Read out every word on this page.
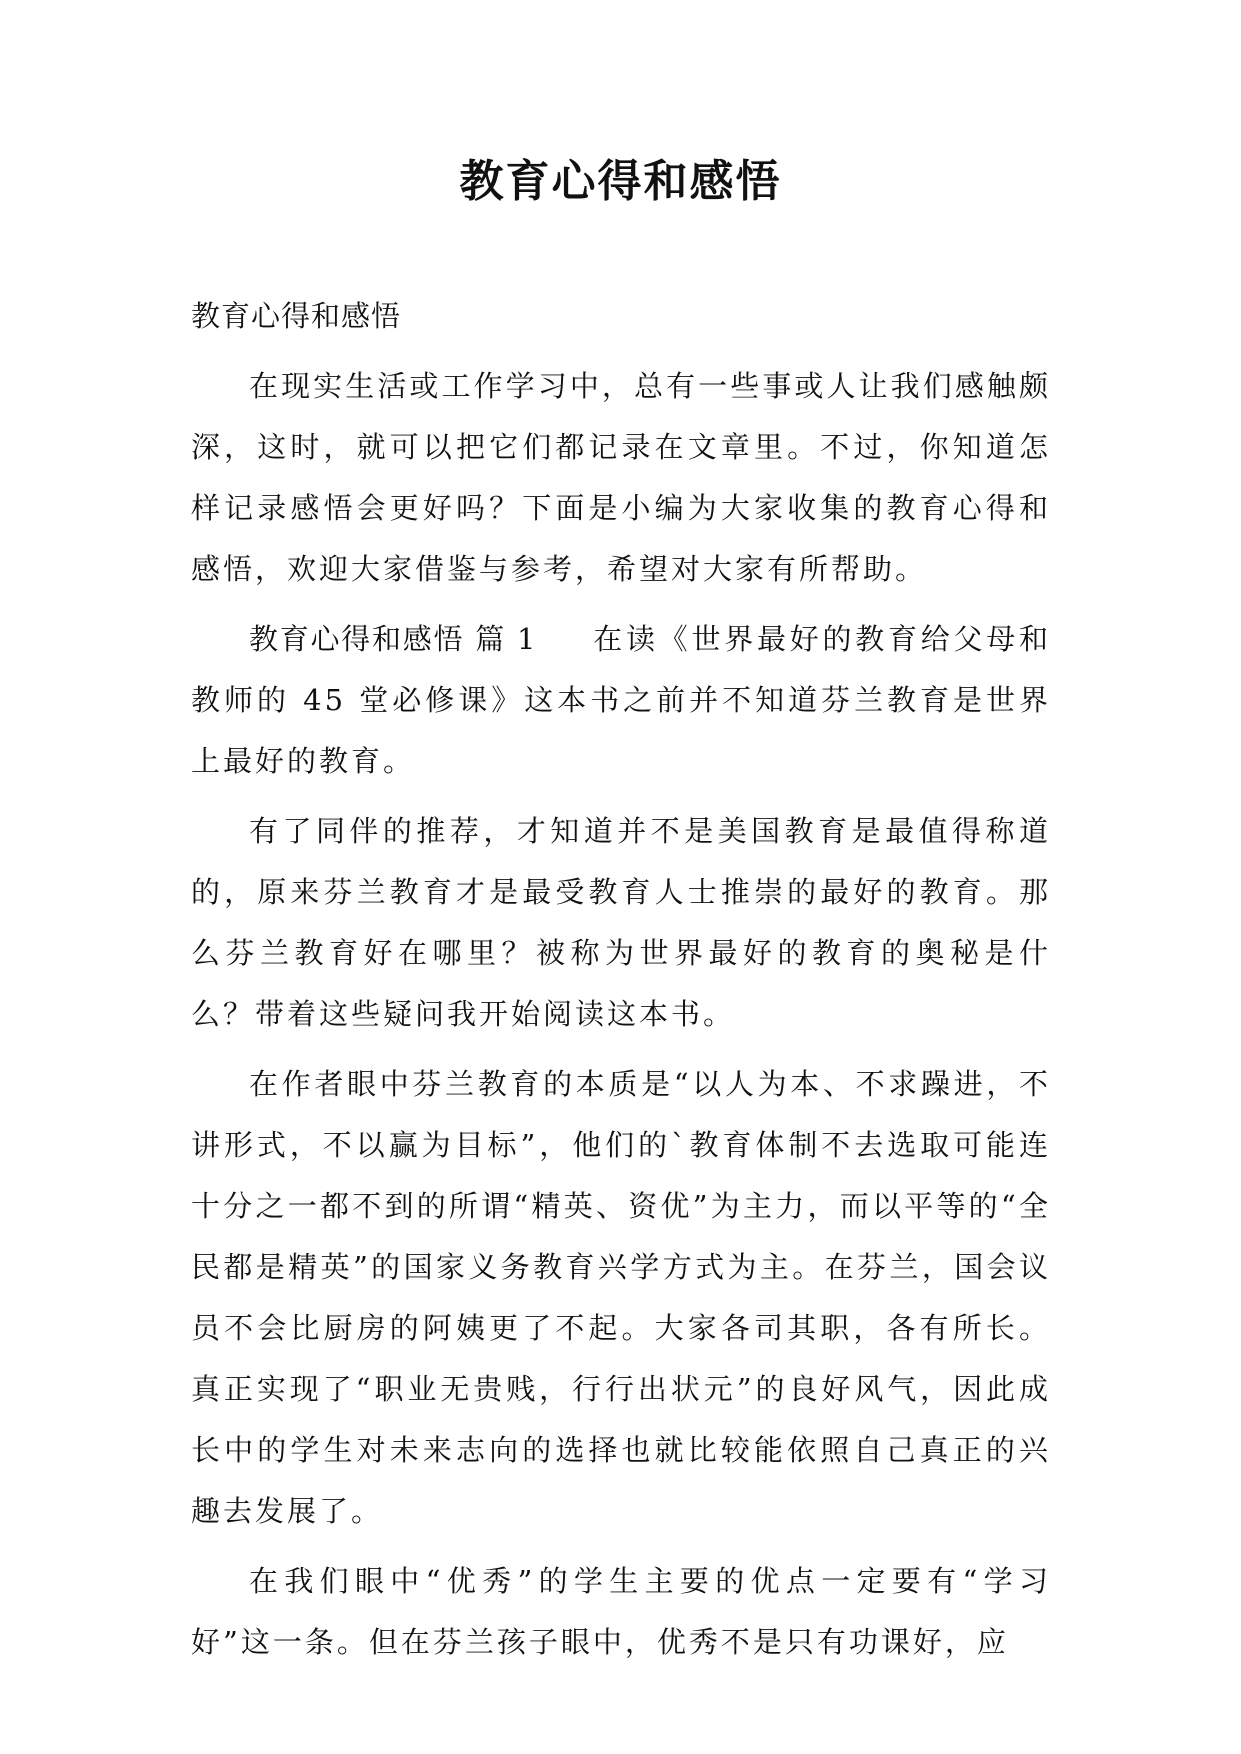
教育心得和感悟
教育心得和感悟

在现实生活或工作学习中，总有一些事或人让我们感触颇深，这时，就可以把它们都记录在文章里。不过，你知道怎样记录感悟会更好吗？下面是小编为大家收集的教育心得和感悟，欢迎大家借鉴与参考，希望对大家有所帮助。

教育心得和感悟 篇 1 在读《世界最好的教育给父母和教师的 45 堂必修课》这本书之前并不知道芬兰教育是世界上最好的教育。

有了同伴的推荐，才知道并不是美国教育是最值得称道的，原来芬兰教育才是最受教育人士推崇的最好的教育。那么芬兰教育好在哪里？被称为世界最好的教育的奥秘是什么？带着这些疑问我开始阅读这本书。

在作者眼中芬兰教育的本质是“以人为本、不求躁进，不讲形式，不以赢为目标”，他们的`教育体制不去选取可能连十分之一都不到的所谓“精英、资优”为主力，而以平等的“全民都是精英”的国家义务教育兴学方式为主。在芬兰，国会议员不会比厨房的阿姨更了不起。大家各司其职，各有所长。真正实现了“职业无贵贱，行行出状元”的良好风气，因此成长中的学生对未来志向的选择也就比较能依照自己真正的兴趣去发展了。

在我们眼中“优秀”的学生主要的优点一定要有“学习好”这一条。但在芬兰孩子眼中，优秀不是只有功课好，应
